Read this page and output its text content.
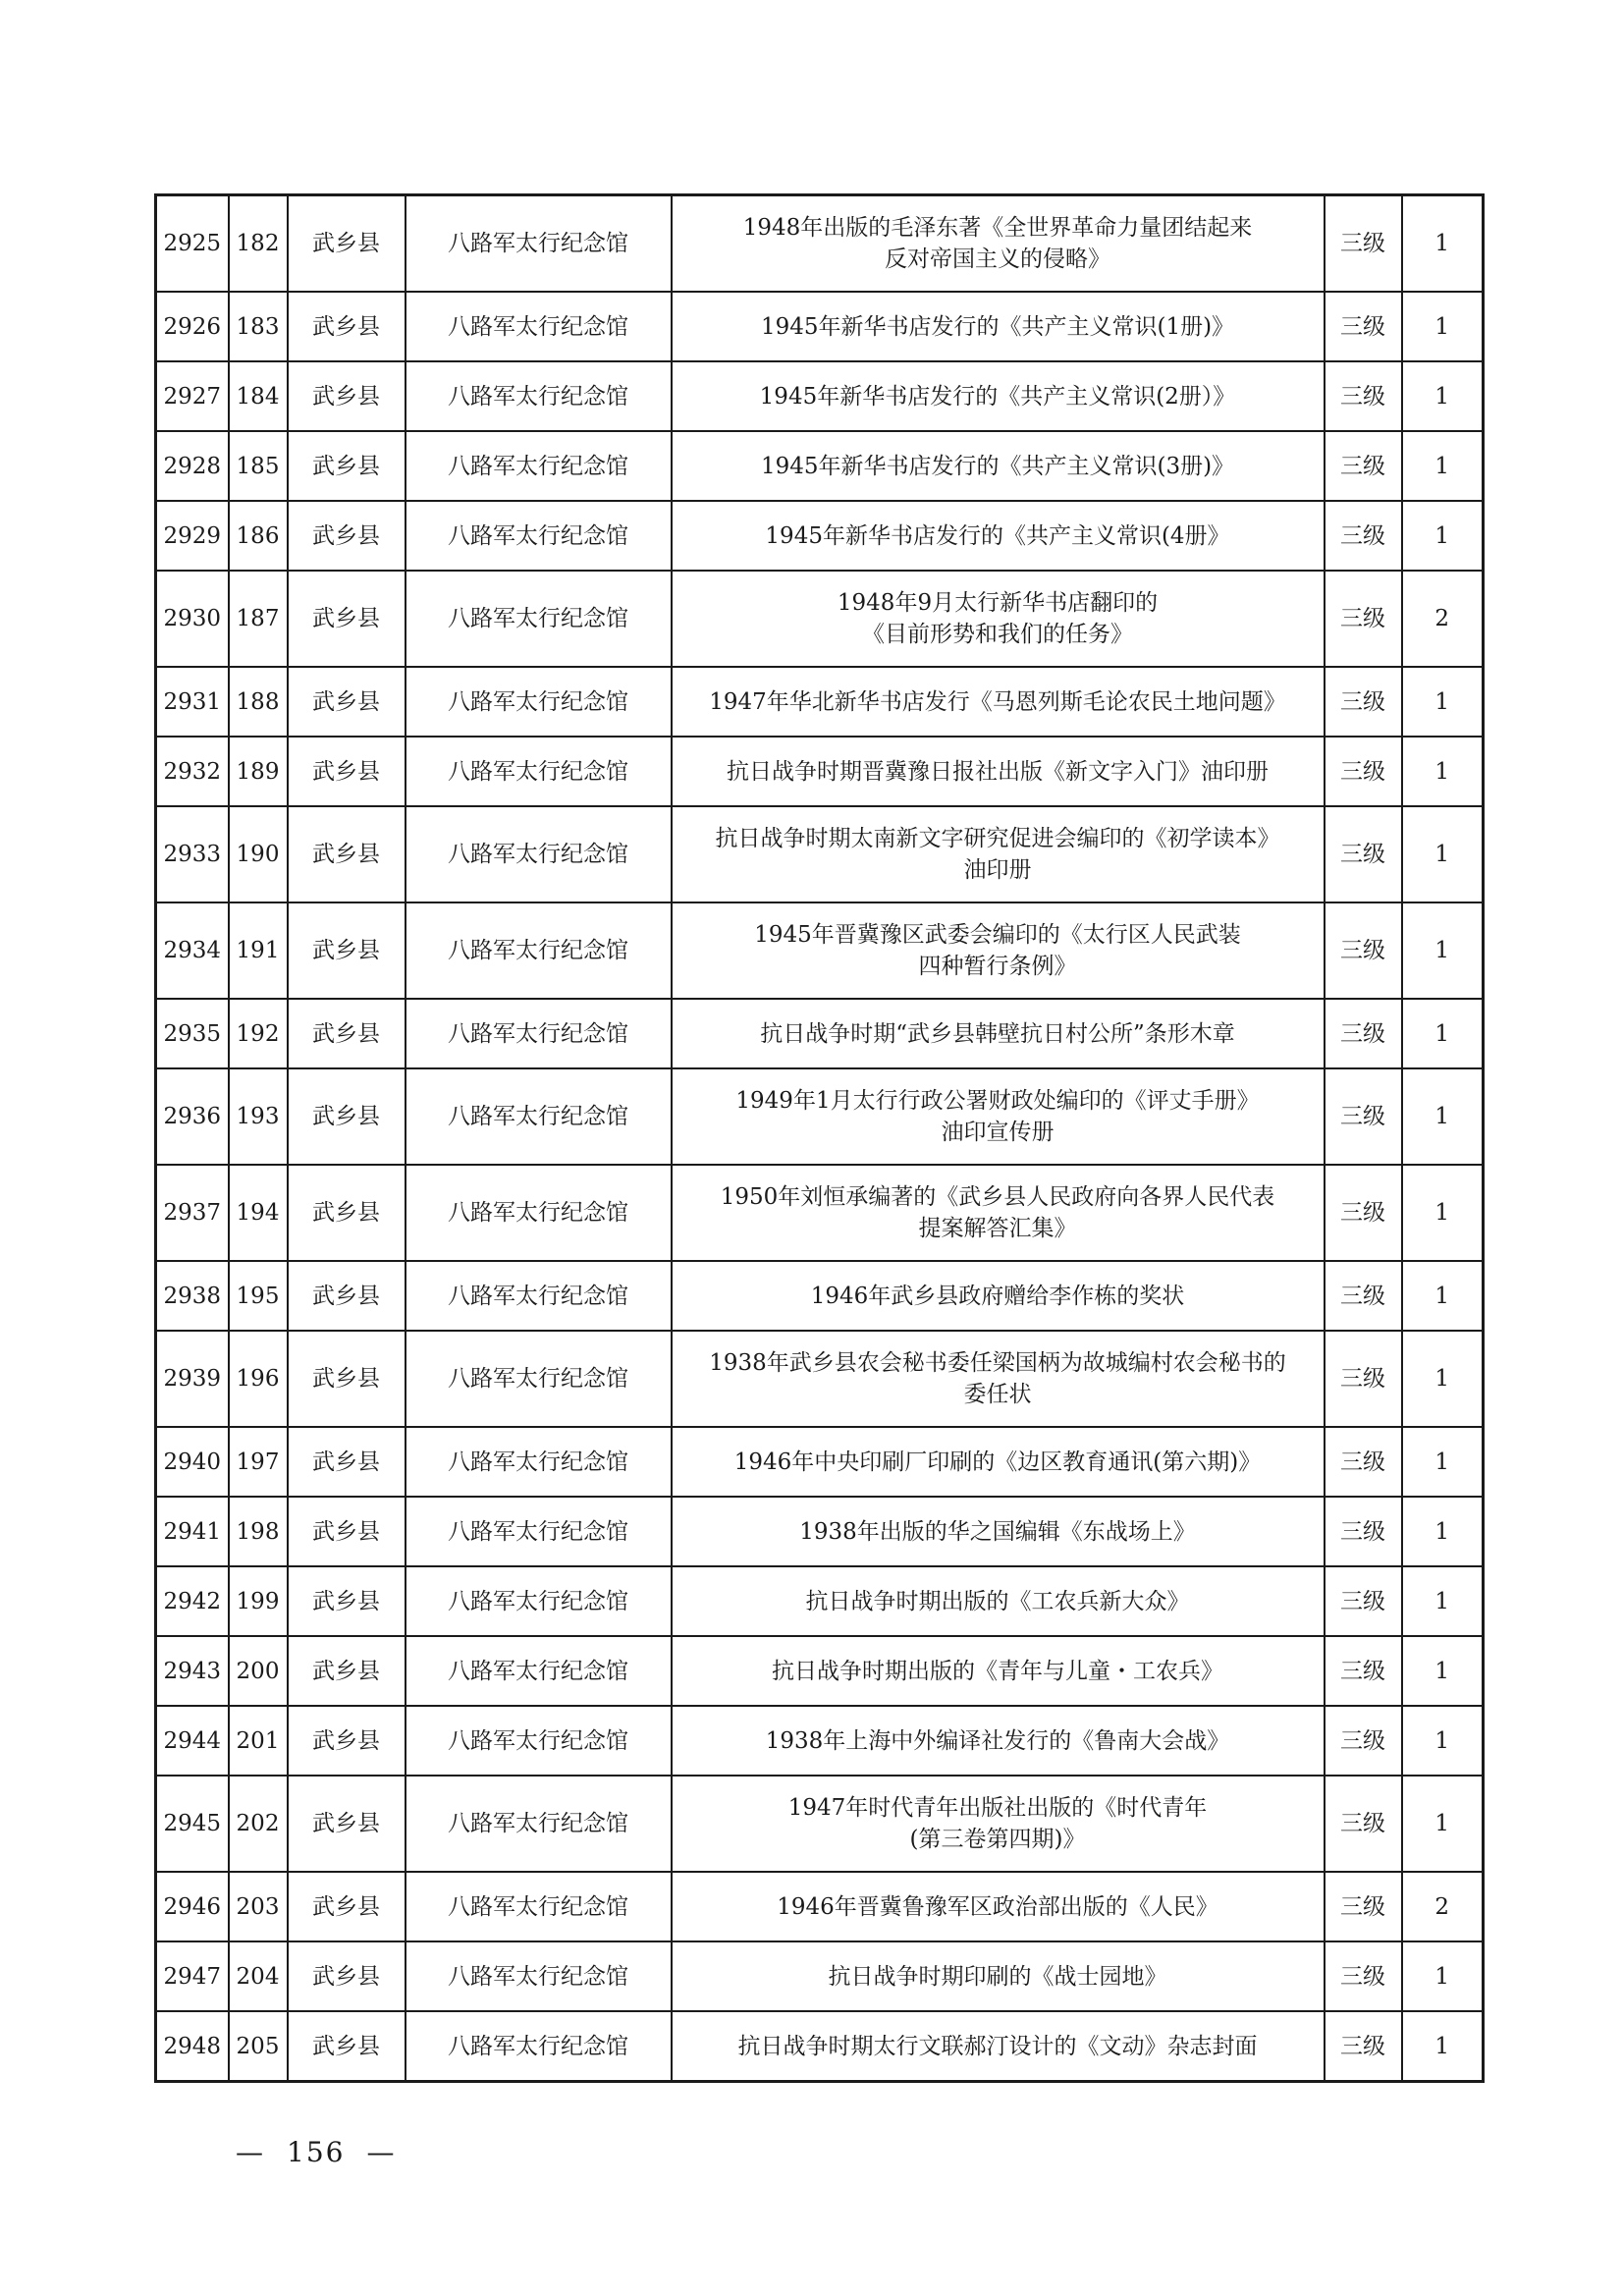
2925	182	武乡县	八路军太行纪念馆	1948年出版的毛泽东著《全世界革命力量团结起来
反对帝国主义的侵略》	三级	1
2926	183	武乡县	八路军太行纪念馆	1945年新华书店发行的《共产主义常识(1册)》	三级	1
2927	184	武乡县	八路军太行纪念馆	1945年新华书店发行的《共产主义常识(2册）》	三级	1
2928	185	武乡县	八路军太行纪念馆	1945年新华书店发行的《共产主义常识(3册)》	三级	1
2929	186	武乡县	八路军太行纪念馆	1945年新华书店发行的《共产主义常识(4册》	三级	1
2930	187	武乡县	八路军太行纪念馆	1948年9月太行新华书店翻印的
《目前形势和我们的任务》	三级	2
2931	188	武乡县	八路军太行纪念馆	1947年华北新华书店发行《马恩列斯毛论农民土地问题》	三级	1
2932	189	武乡县	八路军太行纪念馆	抗日战争时期晋冀豫日报社出版《新文字入门》油印册	三级	1
2933	190	武乡县	八路军太行纪念馆	抗日战争时期太南新文字研究促进会编印的《初学读本》
油印册	三级	1
2934	191	武乡县	八路军太行纪念馆	1945年晋冀豫区武委会编印的《太行区人民武装
四种暂行条例》	三级	1
2935	192	武乡县	八路军太行纪念馆	抗日战争时期“武乡县韩壁抗日村公所”条形木章	三级	1
2936	193	武乡县	八路军太行纪念馆	1949年1月太行行政公署财政处编印的《评丈手册》
油印宣传册	三级	1
2937	194	武乡县	八路军太行纪念馆	1950年刘恒承编著的《武乡县人民政府向各界人民代表
提案解答汇集》	三级	1
2938	195	武乡县	八路军太行纪念馆	1946年武乡县政府赠给李作栋的奖状	三级	1
2939	196	武乡县	八路军太行纪念馆	1938年武乡县农会秘书委任梁国柄为故城编村农会秘书的
委任状	三级	1
2940	197	武乡县	八路军太行纪念馆	1946年中央印刷厂印刷的《边区教育通讯(第六期)》	三级	1
2941	198	武乡县	八路军太行纪念馆	1938年出版的华之国编辑《东战场上》	三级	1
2942	199	武乡县	八路军太行纪念馆	抗日战争时期出版的《工农兵新大众》	三级	1
2943	200	武乡县	八路军太行纪念馆	抗日战争时期出版的《青年与儿童・工农兵》	三级	1
2944	201	武乡县	八路军太行纪念馆	1938年上海中外编译社发行的《鲁南大会战》	三级	1
2945	202	武乡县	八路军太行纪念馆	1947年时代青年出版社出版的《时代青年
(第三卷第四期)》	三级	1
2946	203	武乡县	八路军太行纪念馆	1946年晋冀鲁豫军区政治部出版的《人民》	三级	2
2947	204	武乡县	八路军太行纪念馆	抗日战争时期印刷的《战士园地》	三级	1
2948	205	武乡县	八路军太行纪念馆	抗日战争时期太行文联郝汀设计的《文动》杂志封面	三级	1
— 156 —
